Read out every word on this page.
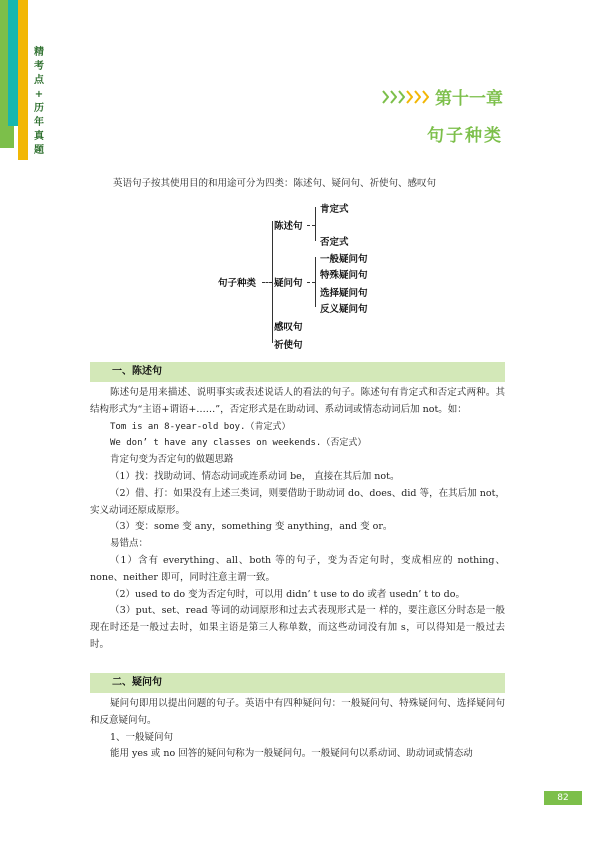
精
考
点
+
历
年
真
题
第十一章
句子种类
英语句子按其使用目的和用途可分为四类：陈述句、疑问句、祈使句、感叹句
句子种类
陈述句
肯定式
否定式
疑问句
一般疑问句
特殊疑问句
选择疑问句
反义疑问句
感叹句
祈使句
一、陈述句

陈述句是用来描述、说明事实或表述说话人的看法的句子。陈述句有肯定式和否定式两种。其结构形式为“主语+谓语+……”，否定形式是在助动词、系动词或情态动词后加 not。如：

Tom is an 8-year-old boy.（肯定式）

We don’ t have any classes on weekends.（否定式）

肯定句变为否定句的做题思路

（1）找：找助动词、情态动词或连系动词 be， 直接在其后加 not。

（2）借、打：如果没有上述三类词，则要借助于助动词 do、does、did 等，在其后加 not，实义动词还原成原形。

（3）变：some 变 any，something 变 anything，and 变 or。

易错点：

（1）含有 everything、all、both 等的句子，变为否定句时，变成相应的 nothing、none、neither 即可，同时注意主谓一致。

（2）used to do 变为否定句时，可以用 didn’ t use to do 或者 usedn’ t to do。

（3）put、set、read 等词的动词原形和过去式表现形式是一 样的，要注意区分时态是一般现在时还是一般过去时，如果主语是第三人称单数，而这些动词没有加 s，可以得知是一般过去时。

二、疑问句

疑问句即用以提出问题的句子。英语中有四种疑问句：一般疑问句、特殊疑问句、选择疑问句和反意疑问句。

1、一般疑问句

能用 yes 或 no 回答的疑问句称为一般疑问句。一般疑问句以系动词、助动词或情态动

82
